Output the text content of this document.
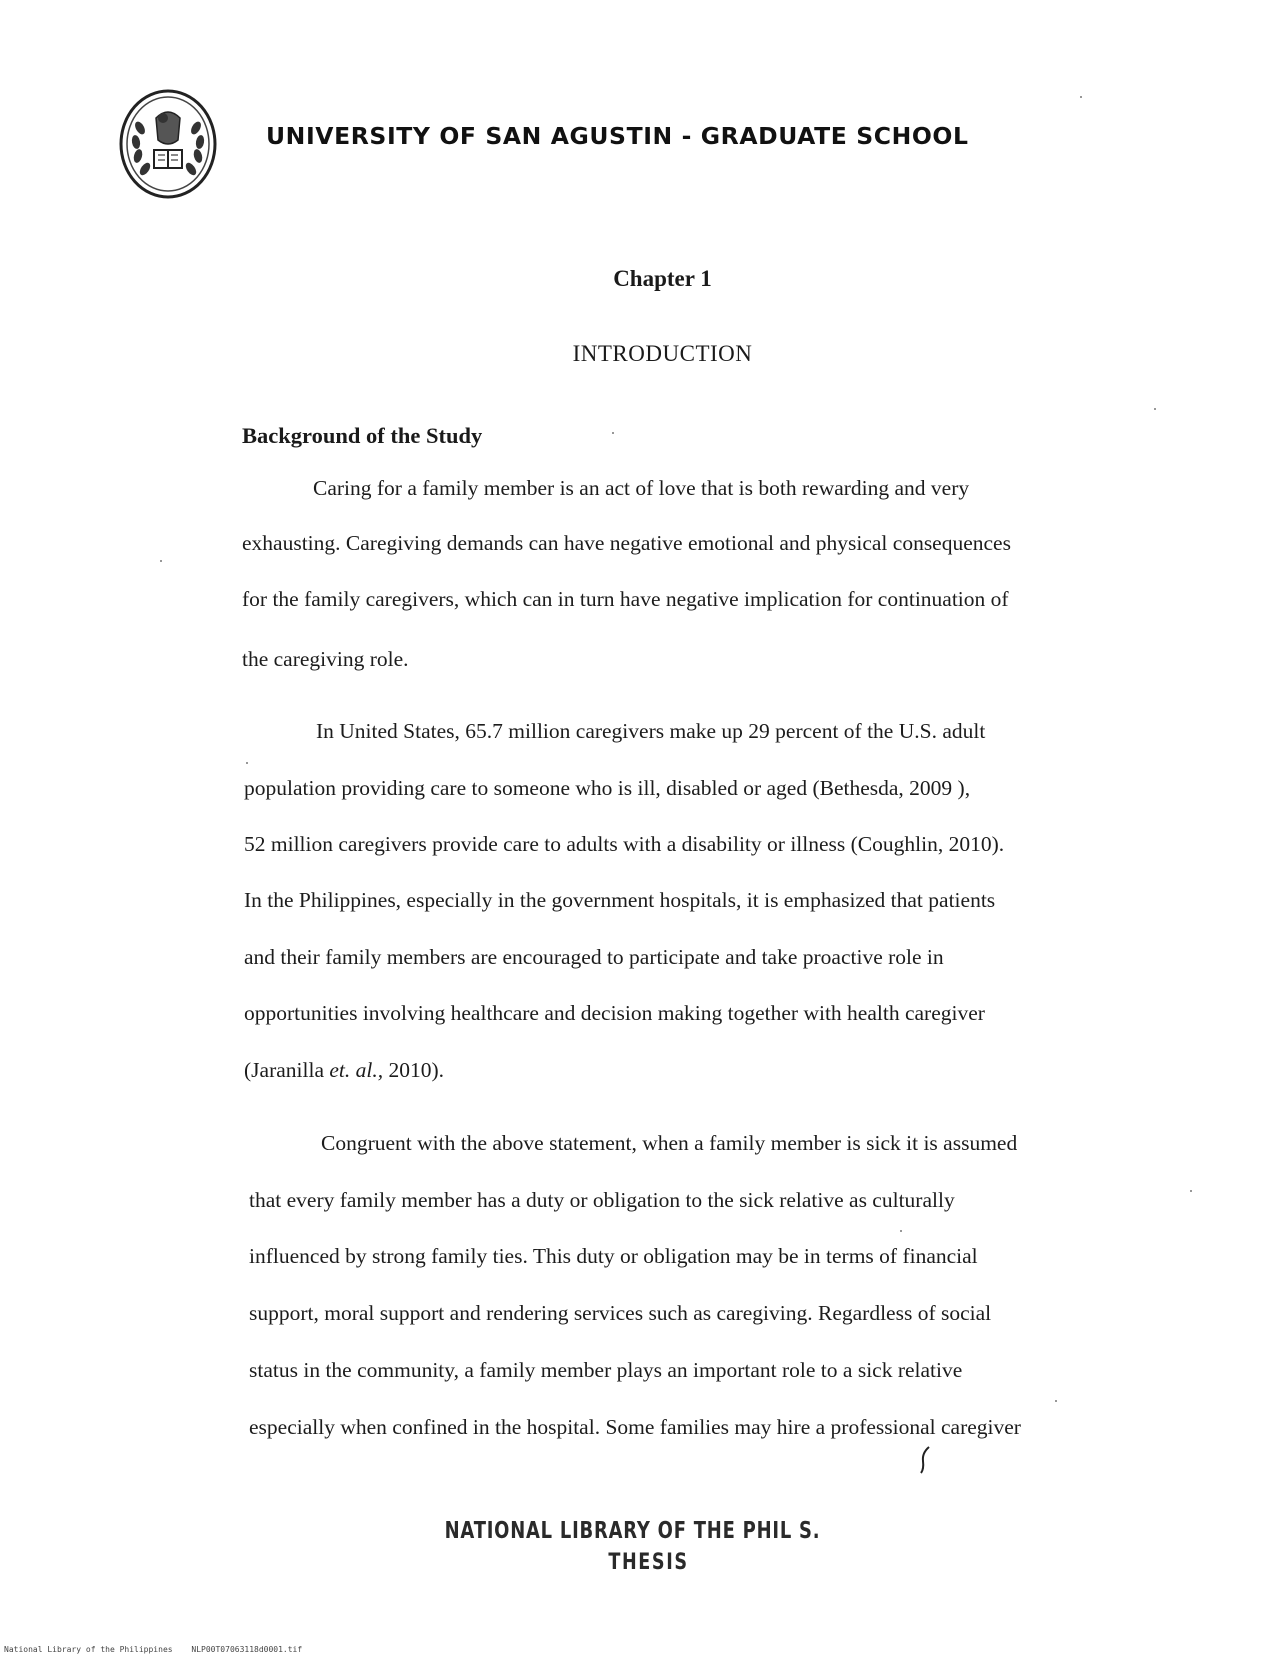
UNIVERSITY OF SAN AGUSTIN - GRADUATE SCHOOL
Chapter 1
INTRODUCTION
Background of the Study
Caring for a family member is an act of love that is both rewarding and very
exhausting. Caregiving demands can have negative emotional and physical consequences
for the family caregivers, which can in turn have negative implication for continuation of
the caregiving role.
In United States, 65.7 million caregivers make up 29 percent of the U.S. adult
population providing care to someone who is ill, disabled or aged (Bethesda, 2009 ),
52 million caregivers provide care to adults with a disability or illness (Coughlin, 2010).
In the Philippines, especially in the government hospitals, it is emphasized that patients
and their family members are encouraged to participate and take proactive role in
opportunities involving healthcare and decision making together with health caregiver
(Jaranilla et. al., 2010).
Congruent with the above statement, when a family member is sick it is assumed
that every family member has a duty or obligation to the sick relative as culturally
influenced by strong family ties. This duty or obligation may be in terms of financial
support, moral support and rendering services such as caregiving. Regardless of social
status in the community, a family member plays an important role to a sick relative
especially when confined in the hospital. Some families may hire a professional caregiver
NATIONAL LIBRARY OF THE PHIL S.
THESIS
National Library of the Philippines NLP00T07063118d0001.tif
